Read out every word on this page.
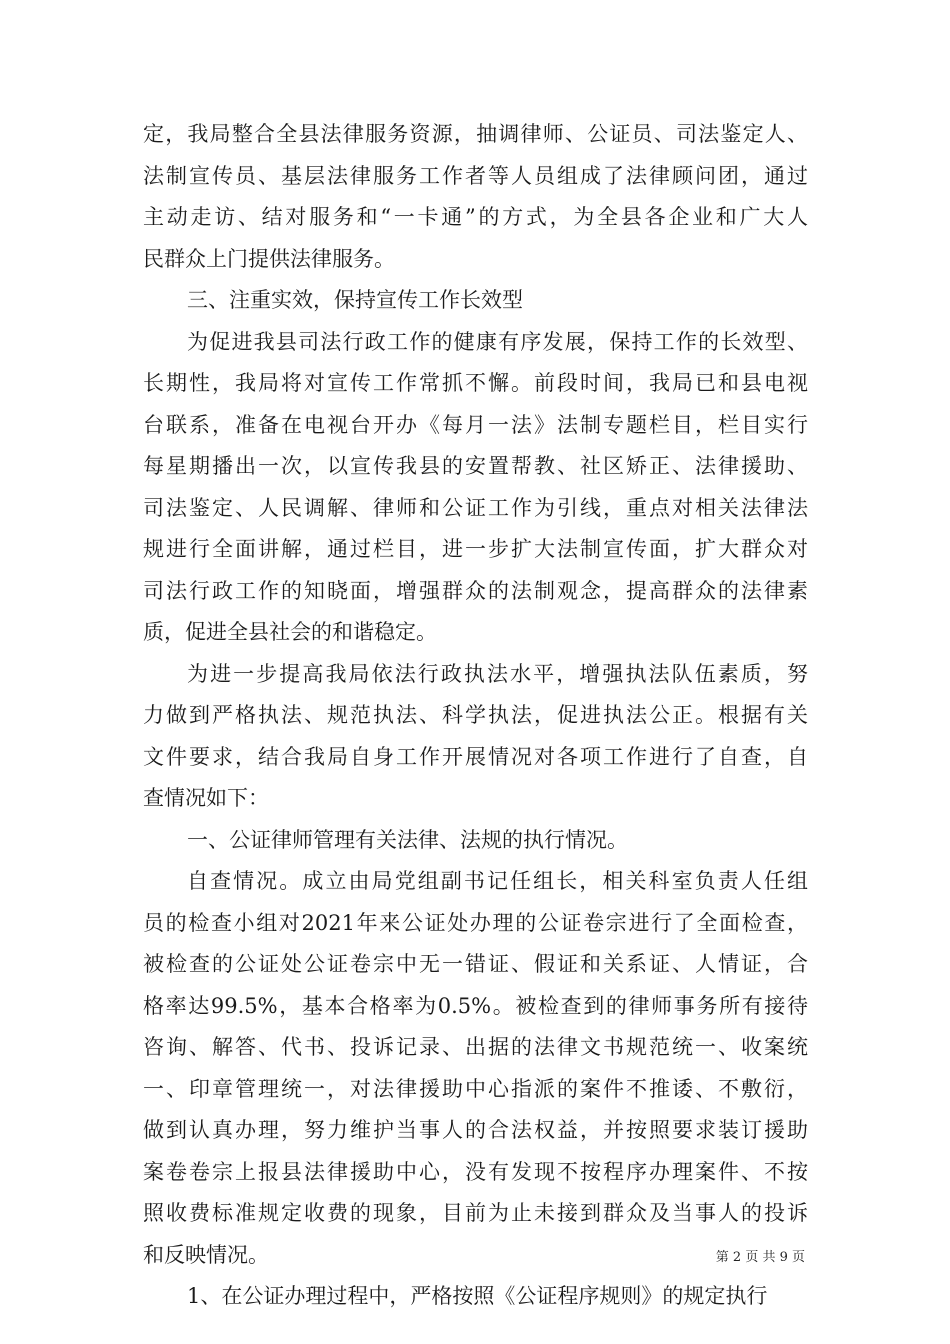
定，我局整合全县法律服务资源，抽调律师、公证员、司法鉴定人、
法制宣传员、基层法律服务工作者等人员组成了法律顾问团，通过
主动走访、结对服务和“一卡通”的方式，为全县各企业和广大人
民群众上门提供法律服务。
三、注重实效，保持宣传工作长效型
为促进我县司法行政工作的健康有序发展，保持工作的长效型、
长期性，我局将对宣传工作常抓不懈。前段时间，我局已和县电视
台联系，准备在电视台开办《每月一法》法制专题栏目，栏目实行
每星期播出一次，以宣传我县的安置帮教、社区矫正、法律援助、
司法鉴定、人民调解、律师和公证工作为引线，重点对相关法律法
规进行全面讲解，通过栏目，进一步扩大法制宣传面，扩大群众对
司法行政工作的知晓面，增强群众的法制观念，提高群众的法律素
质，促进全县社会的和谐稳定。
为进一步提高我局依法行政执法水平，增强执法队伍素质，努
力做到严格执法、规范执法、科学执法，促进执法公正。根据有关
文件要求，结合我局自身工作开展情况对各项工作进行了自查，自
查情况如下：
一、公证律师管理有关法律、法规的执行情况。
自查情况。成立由局党组副书记任组长，相关科室负责人任组
员的检查小组对2021年来公证处办理的公证卷宗进行了全面检查，
被检查的公证处公证卷宗中无一错证、假证和关系证、人情证，合
格率达99.5%，基本合格率为0.5%。被检查到的律师事务所有接待
咨询、解答、代书、投诉记录、出据的法律文书规范统一、收案统
一、印章管理统一，对法律援助中心指派的案件不推诿、不敷衍，
做到认真办理，努力维护当事人的合法权益，并按照要求装订援助
案卷卷宗上报县法律援助中心，没有发现不按程序办理案件、不按
照收费标准规定收费的现象，目前为止未接到群众及当事人的投诉
和反映情况。
1、在公证办理过程中，严格按照《公证程序规则》的规定执行
第 2 页 共 9 页
